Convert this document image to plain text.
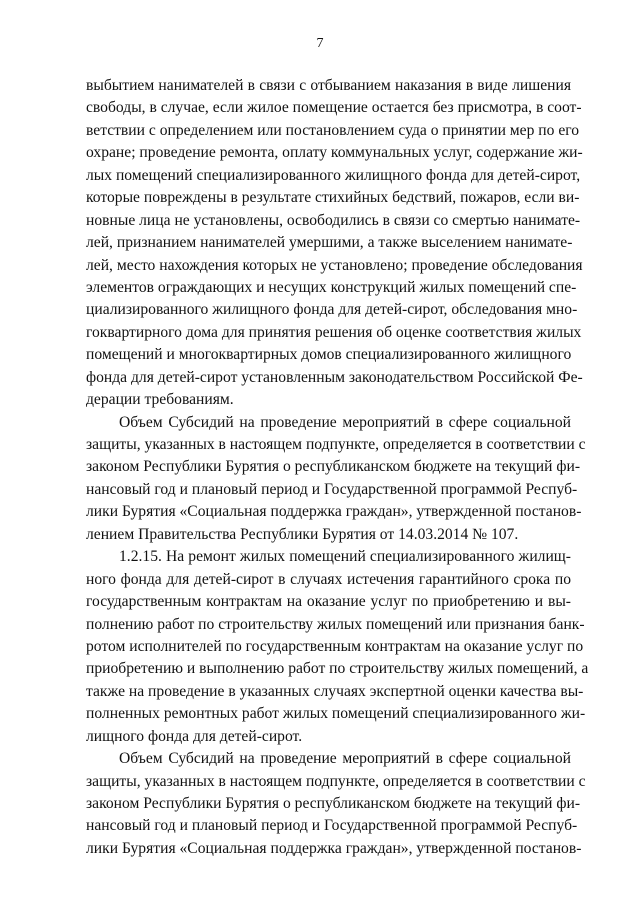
7
выбытием нанимателей в связи с отбыванием наказания в виде лишения
свободы, в случае, если жилое помещение остается без присмотра, в соот-
ветствии с определением или постановлением суда о принятии мер по его
охране; проведение ремонта, оплату коммунальных услуг, содержание жи-
лых помещений специализированного жилищного фонда для детей-сирот,
которые повреждены в результате стихийных бедствий, пожаров, если ви-
новные лица не установлены, освободились в связи со смертью нанимате-
лей, признанием нанимателей умершими, а также выселением нанимате-
лей, место нахождения которых не установлено; проведение обследования
элементов ограждающих и несущих конструкций жилых помещений спе-
циализированного жилищного фонда для детей-сирот, обследования мно-
гоквартирного дома для принятия решения об оценке соответствия жилых
помещений и многоквартирных домов специализированного жилищного
фонда для детей-сирот установленным законодательством Российской Фе-
дерации требованиям.
Объем Субсидий на проведение мероприятий в сфере социальной
защиты, указанных в настоящем подпункте, определяется в соответствии с
законом Республики Бурятия о республиканском бюджете на текущий фи-
нансовый год и плановый период и Государственной программой Респуб-
лики Бурятия «Социальная поддержка граждан», утвержденной постанов-
лением Правительства Республики Бурятия от 14.03.2014 № 107.
1.2.15. На ремонт жилых помещений специализированного жилищ-
ного фонда для детей-сирот в случаях истечения гарантийного срока по
государственным контрактам на оказание услуг по приобретению и вы-
полнению работ по строительству жилых помещений или признания банк-
ротом исполнителей по государственным контрактам на оказание услуг по
приобретению и выполнению работ по строительству жилых помещений, а
также на проведение в указанных случаях экспертной оценки качества вы-
полненных ремонтных работ жилых помещений специализированного жи-
лищного фонда для детей-сирот.
Объем Субсидий на проведение мероприятий в сфере социальной
защиты, указанных в настоящем подпункте, определяется в соответствии с
законом Республики Бурятия о республиканском бюджете на текущий фи-
нансовый год и плановый период и Государственной программой Респуб-
лики Бурятия «Социальная поддержка граждан», утвержденной постанов-
